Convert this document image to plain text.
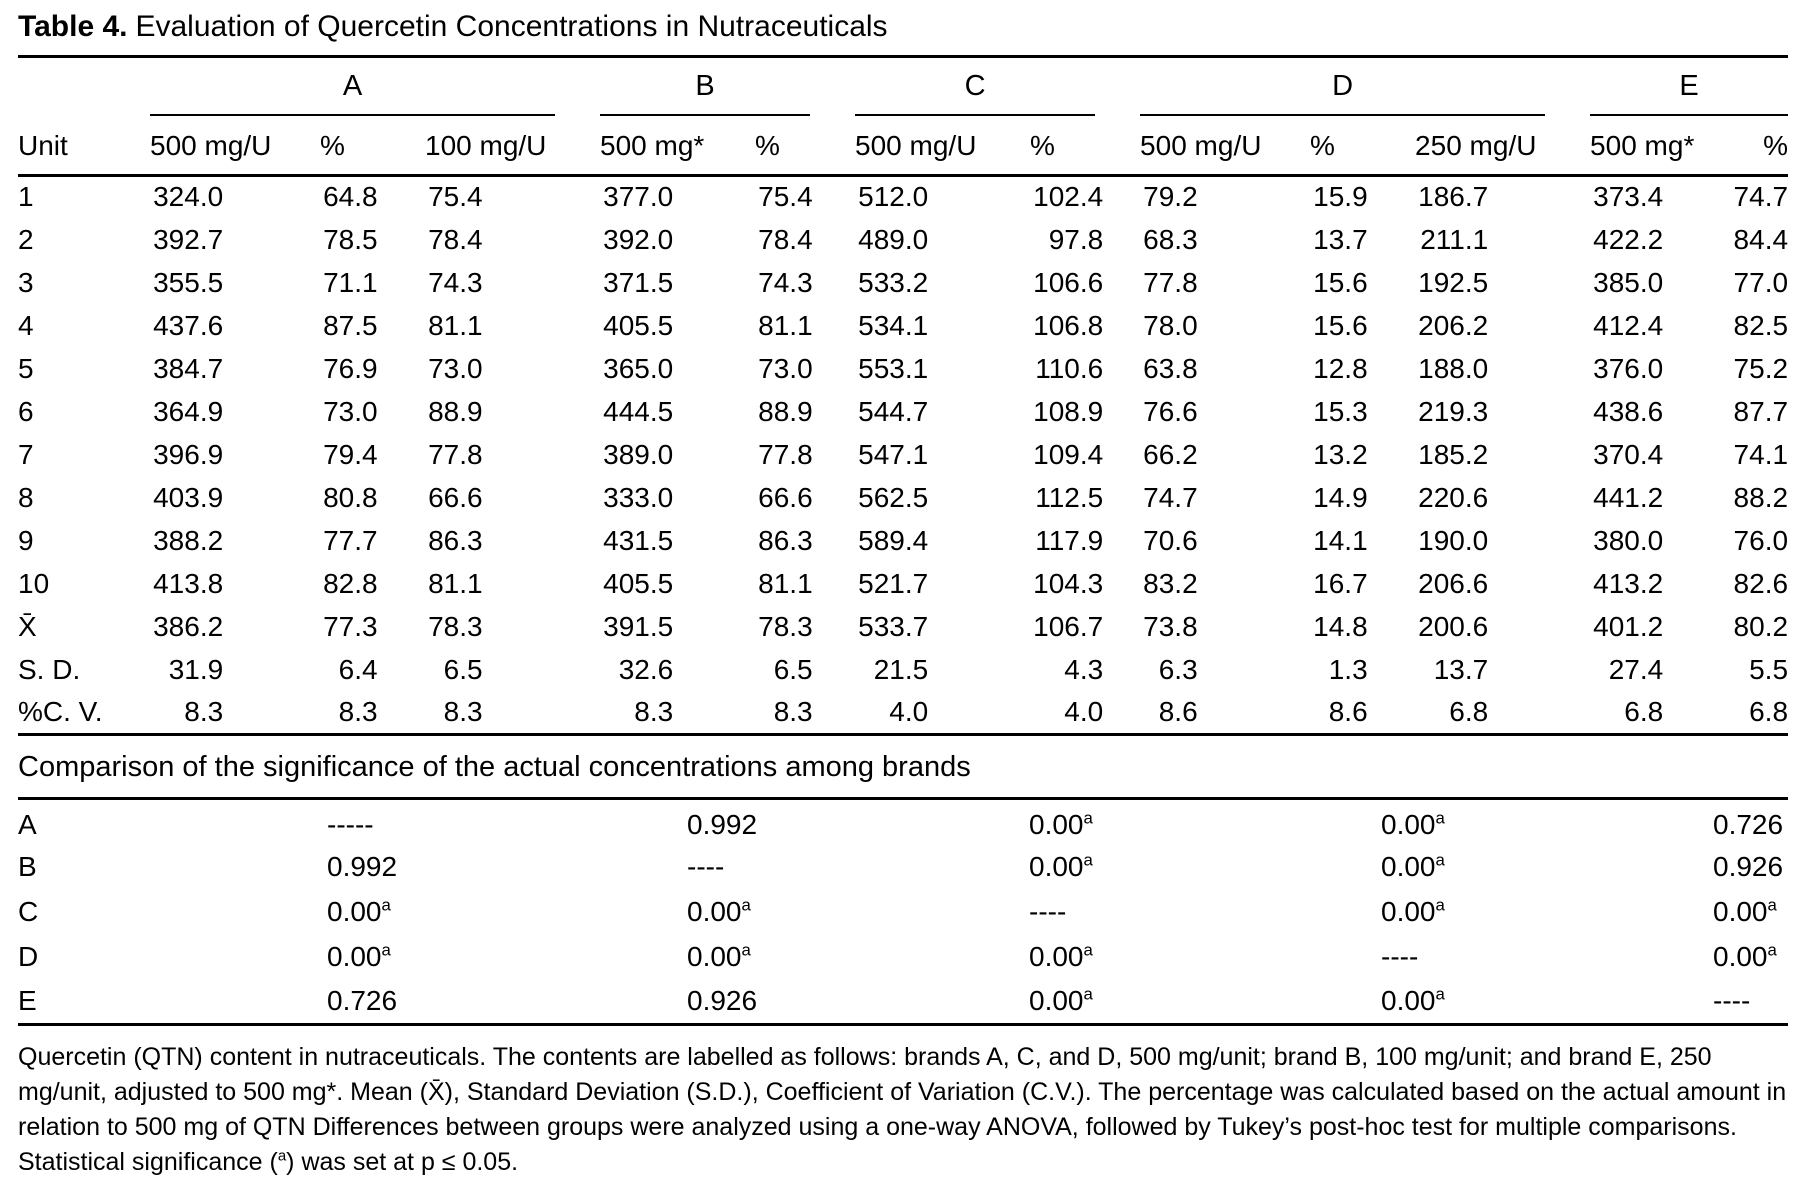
Table 4. Evaluation of Quercetin Concentrations in Nutraceuticals

	A			B		C		D			E	

Unit	500 mg/U	%	100 mg/U	500 mg*	%	500 mg/U	%	500 mg/U	%	250 mg/U	500 mg*	%
1	324.0	64.8	75.4	377.0	75.4	512.0	102.4	79.2	15.9	186.7	373.4	74.7
2	392.7	78.5	78.4	392.0	78.4	489.0	97.8	68.3	13.7	211.1	422.2	84.4
3	355.5	71.1	74.3	371.5	74.3	533.2	106.6	77.8	15.6	192.5	385.0	77.0
4	437.6	87.5	81.1	405.5	81.1	534.1	106.8	78.0	15.6	206.2	412.4	82.5
5	384.7	76.9	73.0	365.0	73.0	553.1	110.6	63.8	12.8	188.0	376.0	75.2
6	364.9	73.0	88.9	444.5	88.9	544.7	108.9	76.6	15.3	219.3	438.6	87.7
7	396.9	79.4	77.8	389.0	77.8	547.1	109.4	66.2	13.2	185.2	370.4	74.1
8	403.9	80.8	66.6	333.0	66.6	562.5	112.5	74.7	14.9	220.6	441.2	88.2
9	388.2	77.7	86.3	431.5	86.3	589.4	117.9	70.6	14.1	190.0	380.0	76.0
10	413.8	82.8	81.1	405.5	81.1	521.7	104.3	83.2	16.7	206.6	413.2	82.6
X̄	386.2	77.3	78.3	391.5	78.3	533.7	106.7	73.8	14.8	200.6	401.2	80.2
S. D.	31.9	6.4	6.5	32.6	6.5	21.5	4.3	6.3	1.3	13.7	27.4	5.5
%C. V.	8.3	8.3	8.3	8.3	8.3	4.0	4.0	8.6	8.6	6.8	6.8	6.8
Comparison of the significance of the actual concentrations among brands
A	-----	0.992	0.00$^a$	0.00$^a$	0.726
B	0.992	----	0.00$^a$	0.00$^a$	0.926
C	0.00$^a$	0.00$^a$	----	0.00$^a$	0.00$^a$
D	0.00$^a$	0.00$^a$	0.00$^a$	----	0.00$^a$
E	0.726	0.926	0.00$^a$	0.00$^a$	----

Quercetin (QTN) content in nutraceuticals. The contents are labelled as follows: brands A, C, and D, 500 mg/unit; brand B, 100 mg/unit; and brand E, 250 mg/unit, adjusted to 500 mg*. Mean (X̄), Standard Deviation (S.D.), Coefficient of Variation (C.V.). The percentage was calculated based on the actual amount in relation to 500 mg of QTN Differences between groups were analyzed using a one-way ANOVA, followed by Tukey’s post-hoc test for multiple comparisons. Statistical significance ($^a$) was set at p ≤ 0.05.
